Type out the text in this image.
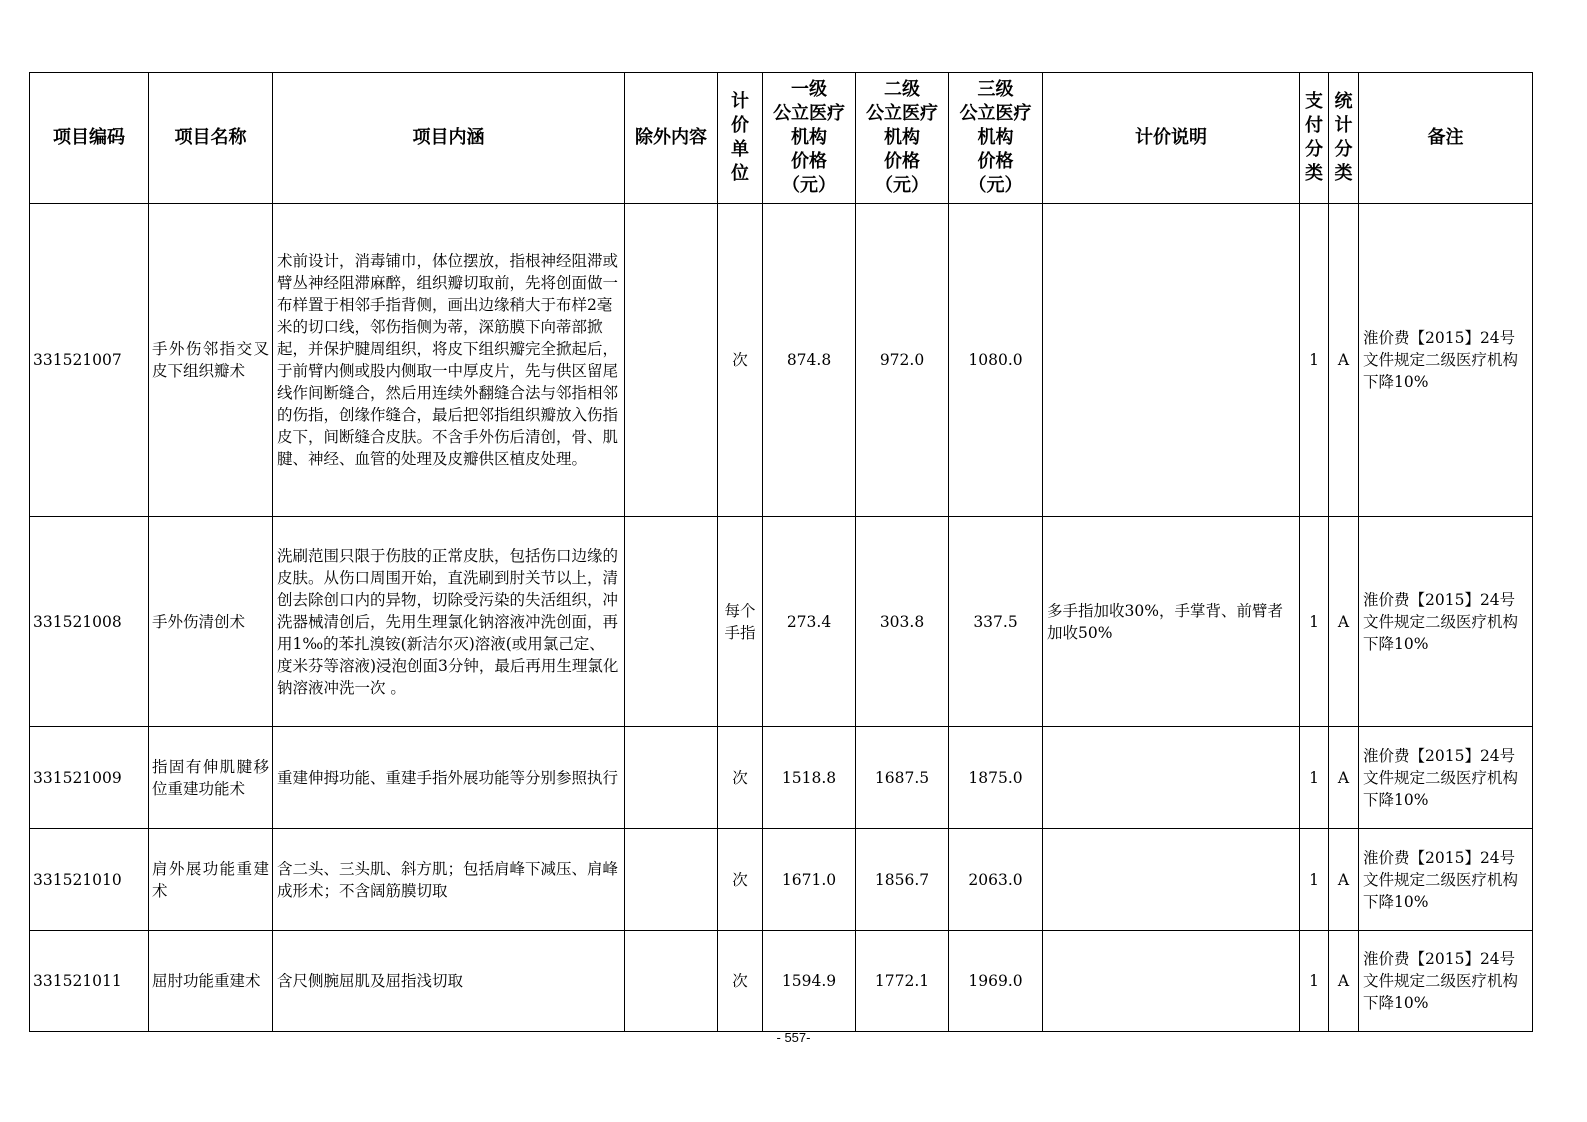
项目编码	项目名称	项目内涵	除外内容	计
价
单
位	一级
公立医疗
机构
价格
（元）	二级
公立医疗
机构
价格
（元）	三级
公立医疗
机构
价格
（元）	计价说明	支
付
分
类	统
计
分
类	备注
331521007	手外伤邻指交叉皮下组织瓣术	术前设计，消毒铺巾，体位摆放，指根神经阻滞或臂丛神经阻滞麻醉，组织瓣切取前，先将创面做一布样置于相邻手指背侧，画出边缘稍大于布样2毫米的切口线，邻伤指侧为蒂，深筋膜下向蒂部掀起，并保护腱周组织，将皮下组织瓣完全掀起后，于前臂内侧或股内侧取一中厚皮片，先与供区留尾线作间断缝合，然后用连续外翻缝合法与邻指相邻的伤指，创缘作缝合，最后把邻指组织瓣放入伤指皮下，间断缝合皮肤。不含手外伤后清创，骨、肌腱、神经、血管的处理及皮瓣供区植皮处理。		次	874.8	972.0	1080.0		1	A	淮价费【2015】24号文件规定二级医疗机构下降10%
331521008	手外伤清创术	洗刷范围只限于伤肢的正常皮肤，包括伤口边缘的皮肤。从伤口周围开始，直洗刷到肘关节以上，清创去除创口内的异物，切除受污染的失活组织，冲洗器械清创后，先用生理氯化钠溶液冲洗创面，再用1‰的苯扎溴铵(新洁尔灭)溶液(或用氯己定、度米芬等溶液)浸泡创面3分钟，最后再用生理氯化钠溶液冲洗一次 。		每个手指	273.4	303.8	337.5	多手指加收30%，手掌背、前臂者加收50%	1	A	淮价费【2015】24号文件规定二级医疗机构下降10%
331521009	指固有伸肌腱移位重建功能术	重建伸拇功能、重建手指外展功能等分别参照执行		次	1518.8	1687.5	1875.0		1	A	淮价费【2015】24号文件规定二级医疗机构下降10%
331521010	肩外展功能重建术	含二头、三头肌、斜方肌；包括肩峰下减压、肩峰成形术；不含阔筋膜切取		次	1671.0	1856.7	2063.0		1	A	淮价费【2015】24号文件规定二级医疗机构下降10%
331521011	屈肘功能重建术	含尺侧腕屈肌及屈指浅切取		次	1594.9	1772.1	1969.0		1	A	淮价费【2015】24号文件规定二级医疗机构下降10%
- 557-
